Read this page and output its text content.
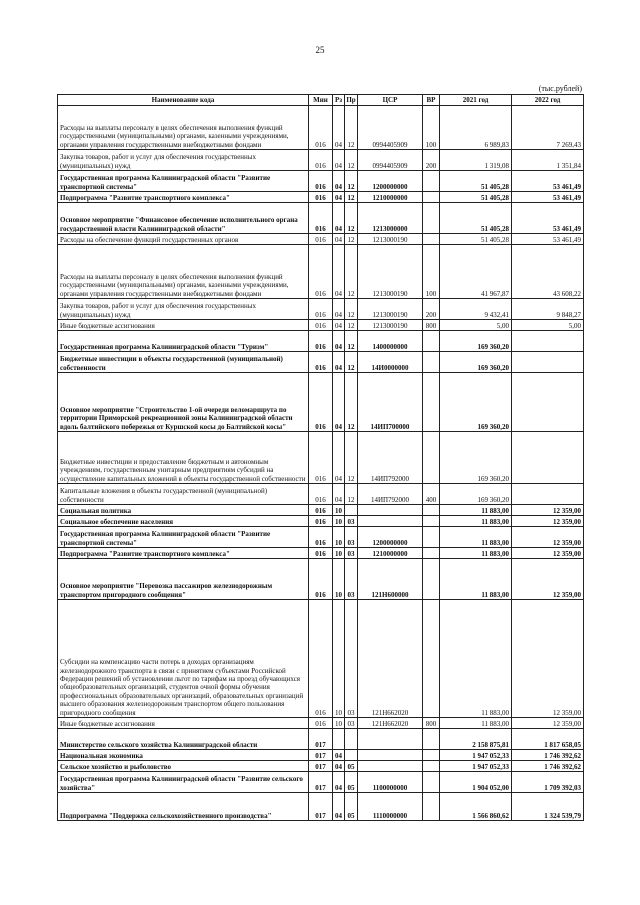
25
(тыс.рублей)
Наименование кода	Мин	Рз	Пр	ЦСР	ВР	2021 год	2022 год
Расходы на выплаты персоналу в целях обеспечения выполнения функций государственными (муниципальными) органами, казенными учреждениями, органами управления государственными внебюджетными фондами	016	04	12	0994405909	100	6 989,83	7 269,43
Закупка товаров, работ и услуг для обеспечения государственных (муниципальных) нужд	016	04	12	0994405909	200	1 319,08	1 351,84
Государственная программа Калининградской области "Развитие транспортной системы"	016	04	12	1200000000		51 405,28	53 461,49
Подпрограмма "Развитие транспортного комплекса"	016	04	12	1210000000		51 405,28	53 461,49
Основное мероприятие "Финансовое обеспечение исполнительного органа государственной власти Калининградской области"	016	04	12	1213000000		51 405,28	53 461,49
Расходы на обеспечение функций государственных органов	016	04	12	1213000190		51 405,28	53 461,49
Расходы на выплаты персоналу в целях обеспечения выполнения функций государственными (муниципальными) органами, казенными учреждениями, органами управления государственными внебюджетными фондами	016	04	12	1213000190	100	41 967,87	43 608,22
Закупка товаров, работ и услуг для обеспечения государственных (муниципальных) нужд	016	04	12	1213000190	200	9 432,41	9 848,27
Иные бюджетные ассигнования	016	04	12	1213000190	800	5,00	5,00
Государственная программа Калининградской области "Туризм"	016	04	12	1400000000		169 360,20	
Бюджетные инвестиции в объекты государственной (муниципальной) собственности	016	04	12	14И0000000		169 360,20	
Основное мероприятие "Строительство 1-ой очереди веломаршрута по территории Приморской рекреационной зоны Калининградской области вдоль балтийского побережья от Куршской косы до Балтийской косы"	016	04	12	14ИП700000		169 360,20	
Бюджетные инвестиции и предоставление бюджетным и автономным учреждениям, государственным унитарным предприятиям субсидий на осуществление капитальных вложений в объекты государственной собственности	016	04	12	14ИП792000		169 360,20	
Капитальные вложения в объекты государственной (муниципальной) собственности	016	04	12	14ИП792000	400	169 360,20	
Социальная политика	016	10				11 883,00	12 359,00
Социальное обеспечение населения	016	10	03			11 883,00	12 359,00
Государственная программа Калининградской области "Развитие транспортной системы"	016	10	03	1200000000		11 883,00	12 359,00
Подпрограмма "Развитие транспортного комплекса"	016	10	03	1210000000		11 883,00	12 359,00
Основное мероприятие "Перевозка пассажиров железнодорожным транспортом пригородного сообщения"	016	10	03	121Н600000		11 883,00	12 359,00
Субсидии на компенсацию части потерь в доходах организациям железнодорожного транспорта в связи с принятием субъектами Российской Федерации решений об установлении льгот по тарифам на проезд обучающихся общеобразовательных организаций, студентов очной формы обучения профессиональных образовательных организаций, образовательных организаций высшего образования железнодорожным транспортом общего пользования пригородного сообщения	016	10	03	121Н662020		11 883,00	12 359,00
Иные бюджетные ассигнования	016	10	03	121Н662020	800	11 883,00	12 359,00
Министерство сельского хозяйства Калининградской области	017					2 158 875,81	1 817 658,05
Национальная экономика	017	04				1 947 052,33	1 746 392,62
Сельское хозяйство и рыболовство	017	04	05			1 947 052,33	1 746 392,62
Государственная программа Калининградской области "Развитие сельского хозяйства"	017	04	05	1100000000		1 904 052,00	1 709 392,03
Подпрограмма "Поддержка сельскохозяйственного производства"	017	04	05	1110000000		1 566 860,62	1 324 539,79
